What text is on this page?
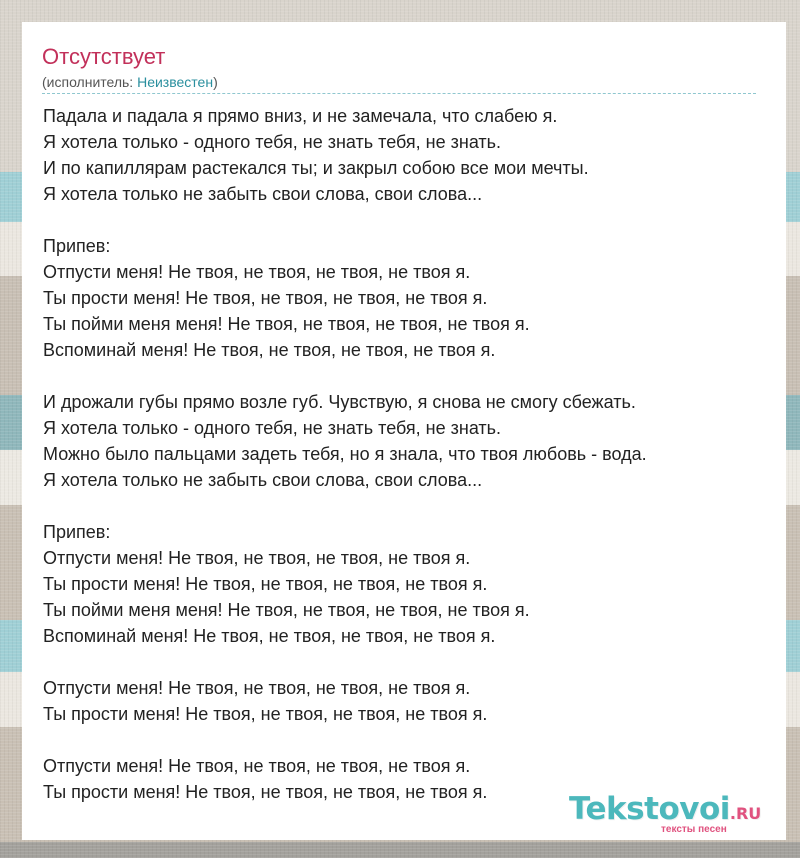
Отсутствует
(исполнитель: Неизвестен)
Падала и падала я прямо вниз, и не замечала, что слабею я.
Я хотела только - одного тебя, не знать тебя, не знать.
И по капиллярам растекался ты; и закрыл собою все мои мечты.
Я хотела только не забыть свои слова, свои слова...
Припев:
Отпусти меня! Не твоя, не твоя, не твоя, не твоя я.
Ты прости меня! Не твоя, не твоя, не твоя, не твоя я.
Ты пойми меня меня! Не твоя, не твоя, не твоя, не твоя я.
Вспоминай меня! Не твоя, не твоя, не твоя, не твоя я.
И дрожали губы прямо возле губ. Чувствую, я снова не смогу сбежать.
Я хотела только - одного тебя, не знать тебя, не знать.
Можно было пальцами задеть тебя, но я знала, что твоя любовь - вода.
Я хотела только не забыть свои слова, свои слова...
Припев:
Отпусти меня! Не твоя, не твоя, не твоя, не твоя я.
Ты прости меня! Не твоя, не твоя, не твоя, не твоя я.
Ты пойми меня меня! Не твоя, не твоя, не твоя, не твоя я.
Вспоминай меня! Не твоя, не твоя, не твоя, не твоя я.
Отпусти меня! Не твоя, не твоя, не твоя, не твоя я.
Ты прости меня! Не твоя, не твоя, не твоя, не твоя я.
Отпусти меня! Не твоя, не твоя, не твоя, не твоя я.
Ты прости меня! Не твоя, не твоя, не твоя, не твоя я.	Tekstovoi.RU
тексты песен
